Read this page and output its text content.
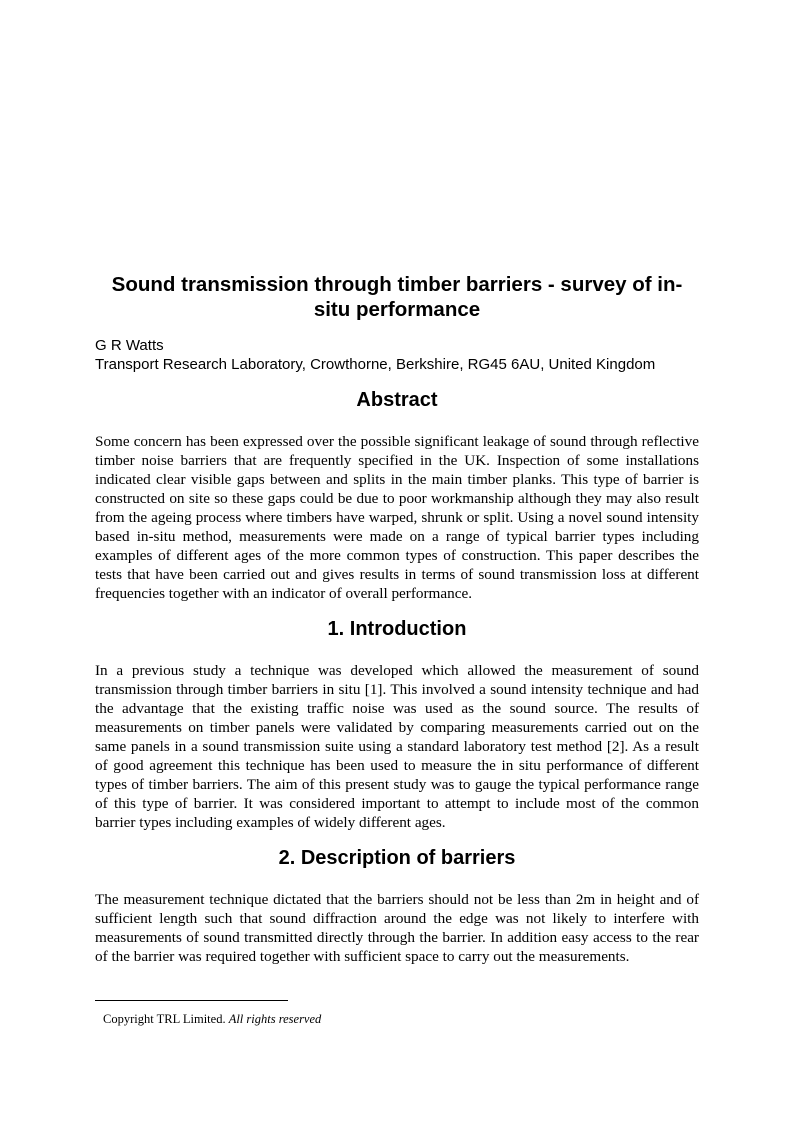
Sound transmission through timber barriers - survey of in-situ performance
G R Watts
Transport Research Laboratory, Crowthorne, Berkshire, RG45 6AU, United Kingdom
Abstract

Some concern has been expressed over the possible significant leakage of sound through reflective timber noise barriers that are frequently specified in the UK. Inspection of some installations indicated clear visible gaps between and splits in the main timber planks. This type of barrier is constructed on site so these gaps could be due to poor workmanship although they may also result from the ageing process where timbers have warped, shrunk or split. Using a novel sound intensity based in-situ method, measurements were made on a range of typical barrier types including examples of different ages of the more common types of construction. This paper describes the tests that have been carried out and gives results in terms of sound transmission loss at different frequencies together with an indicator of overall performance.

1. Introduction

In a previous study a technique was developed which allowed the measurement of sound transmission through timber barriers in situ [1]. This involved a sound intensity technique and had the advantage that the existing traffic noise was used as the sound source. The results of measurements on timber panels were validated by comparing measurements carried out on the same panels in a sound transmission suite using a standard laboratory test method [2]. As a result of good agreement this technique has been used to measure the in situ performance of different types of timber barriers. The aim of this present study was to gauge the typical performance range of this type of barrier. It was considered important to attempt to include most of the common barrier types including examples of widely different ages.

2. Description of barriers

The measurement technique dictated that the barriers should not be less than 2m in height and of sufficient length such that sound diffraction around the edge was not likely to interfere with measurements of sound transmitted directly through the barrier. In addition easy access to the rear of the barrier was required together with sufficient space to carry out the measurements.

Copyright TRL Limited. All rights reserved
